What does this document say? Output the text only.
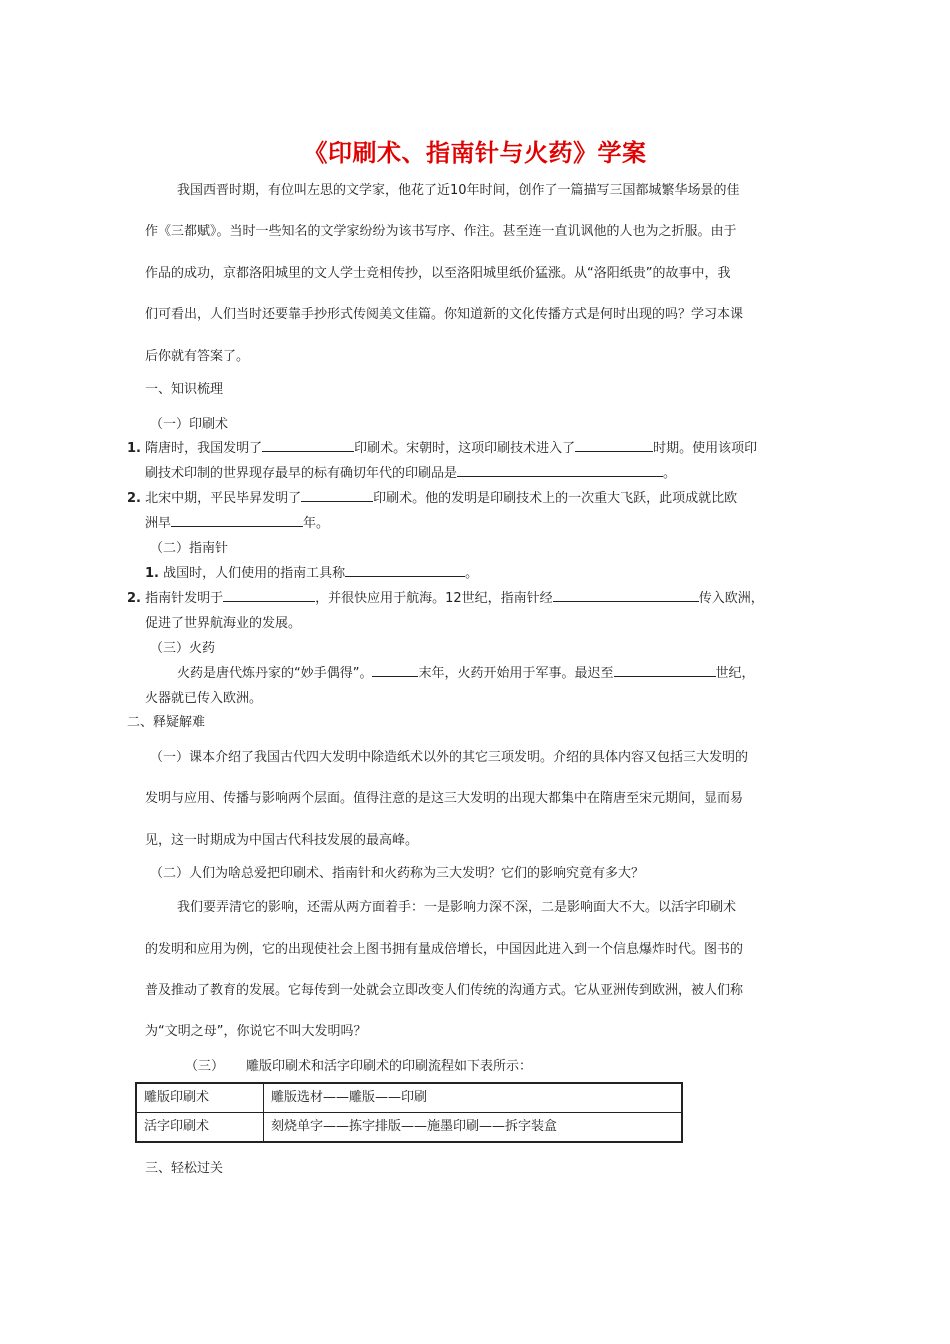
《印刷术、指南针与火药》学案
我国西晋时期，有位叫左思的文学家，他花了近10年时间，创作了一篇描写三国都城繁华场景的佳
作《三都赋》。当时一些知名的文学家纷纷为该书写序、作注。甚至连一直讥讽他的人也为之折服。由于
作品的成功，京都洛阳城里的文人学士竞相传抄，以至洛阳城里纸价猛涨。从“洛阳纸贵”的故事中，我
们可看出，人们当时还要靠手抄形式传阅美文佳篇。你知道新的文化传播方式是何时出现的吗？学习本课
后你就有答案了。
一、知识梳理
（一）印刷术
1. 隋唐时，我国发明了	印刷术。宋朝时，这项印刷技术进入了	时期。使用该项印
刷技术印制的世界现存最早的标有确切年代的印刷品是	。
2. 北宋中期，平民毕昇发明了	印刷术。他的发明是印刷技术上的一次重大飞跃，此项成就比欧
洲早	年。
（二）指南针
1. 战国时，人们使用的指南工具称	。
2. 指南针发明于	，并很快应用于航海。12世纪，指南针经	传入欧洲，
促进了世界航海业的发展。
（三）火药
火药是唐代炼丹家的“妙手偶得”。	末年，火药开始用于军事。最迟至	世纪，
火器就已传入欧洲。
二、释疑解难
（一）课本介绍了我国古代四大发明中除造纸术以外的其它三项发明。介绍的具体内容又包括三大发明的
发明与应用、传播与影响两个层面。值得注意的是这三大发明的出现大都集中在隋唐至宋元期间，显而易
见，这一时期成为中国古代科技发展的最高峰。
（二）人们为啥总爱把印刷术、指南针和火药称为三大发明？它们的影响究竟有多大？
我们要弄清它的影响，还需从两方面着手：一是影响力深不深，二是影响面大不大。以活字印刷术
的发明和应用为例，它的出现使社会上图书拥有量成倍增长，中国因此进入到一个信息爆炸时代。图书的
普及推动了教育的发展。它每传到一处就会立即改变人们传统的沟通方式。它从亚洲传到欧洲，被人们称
为“文明之母”，你说它不叫大发明吗？
（三） 雕版印刷术和活字印刷术的印刷流程如下表所示：
雕版印刷术	雕版选材——雕版——印刷
活字印刷术	刻烧单字——拣字排版——施墨印刷——拆字装盒
三、轻松过关
